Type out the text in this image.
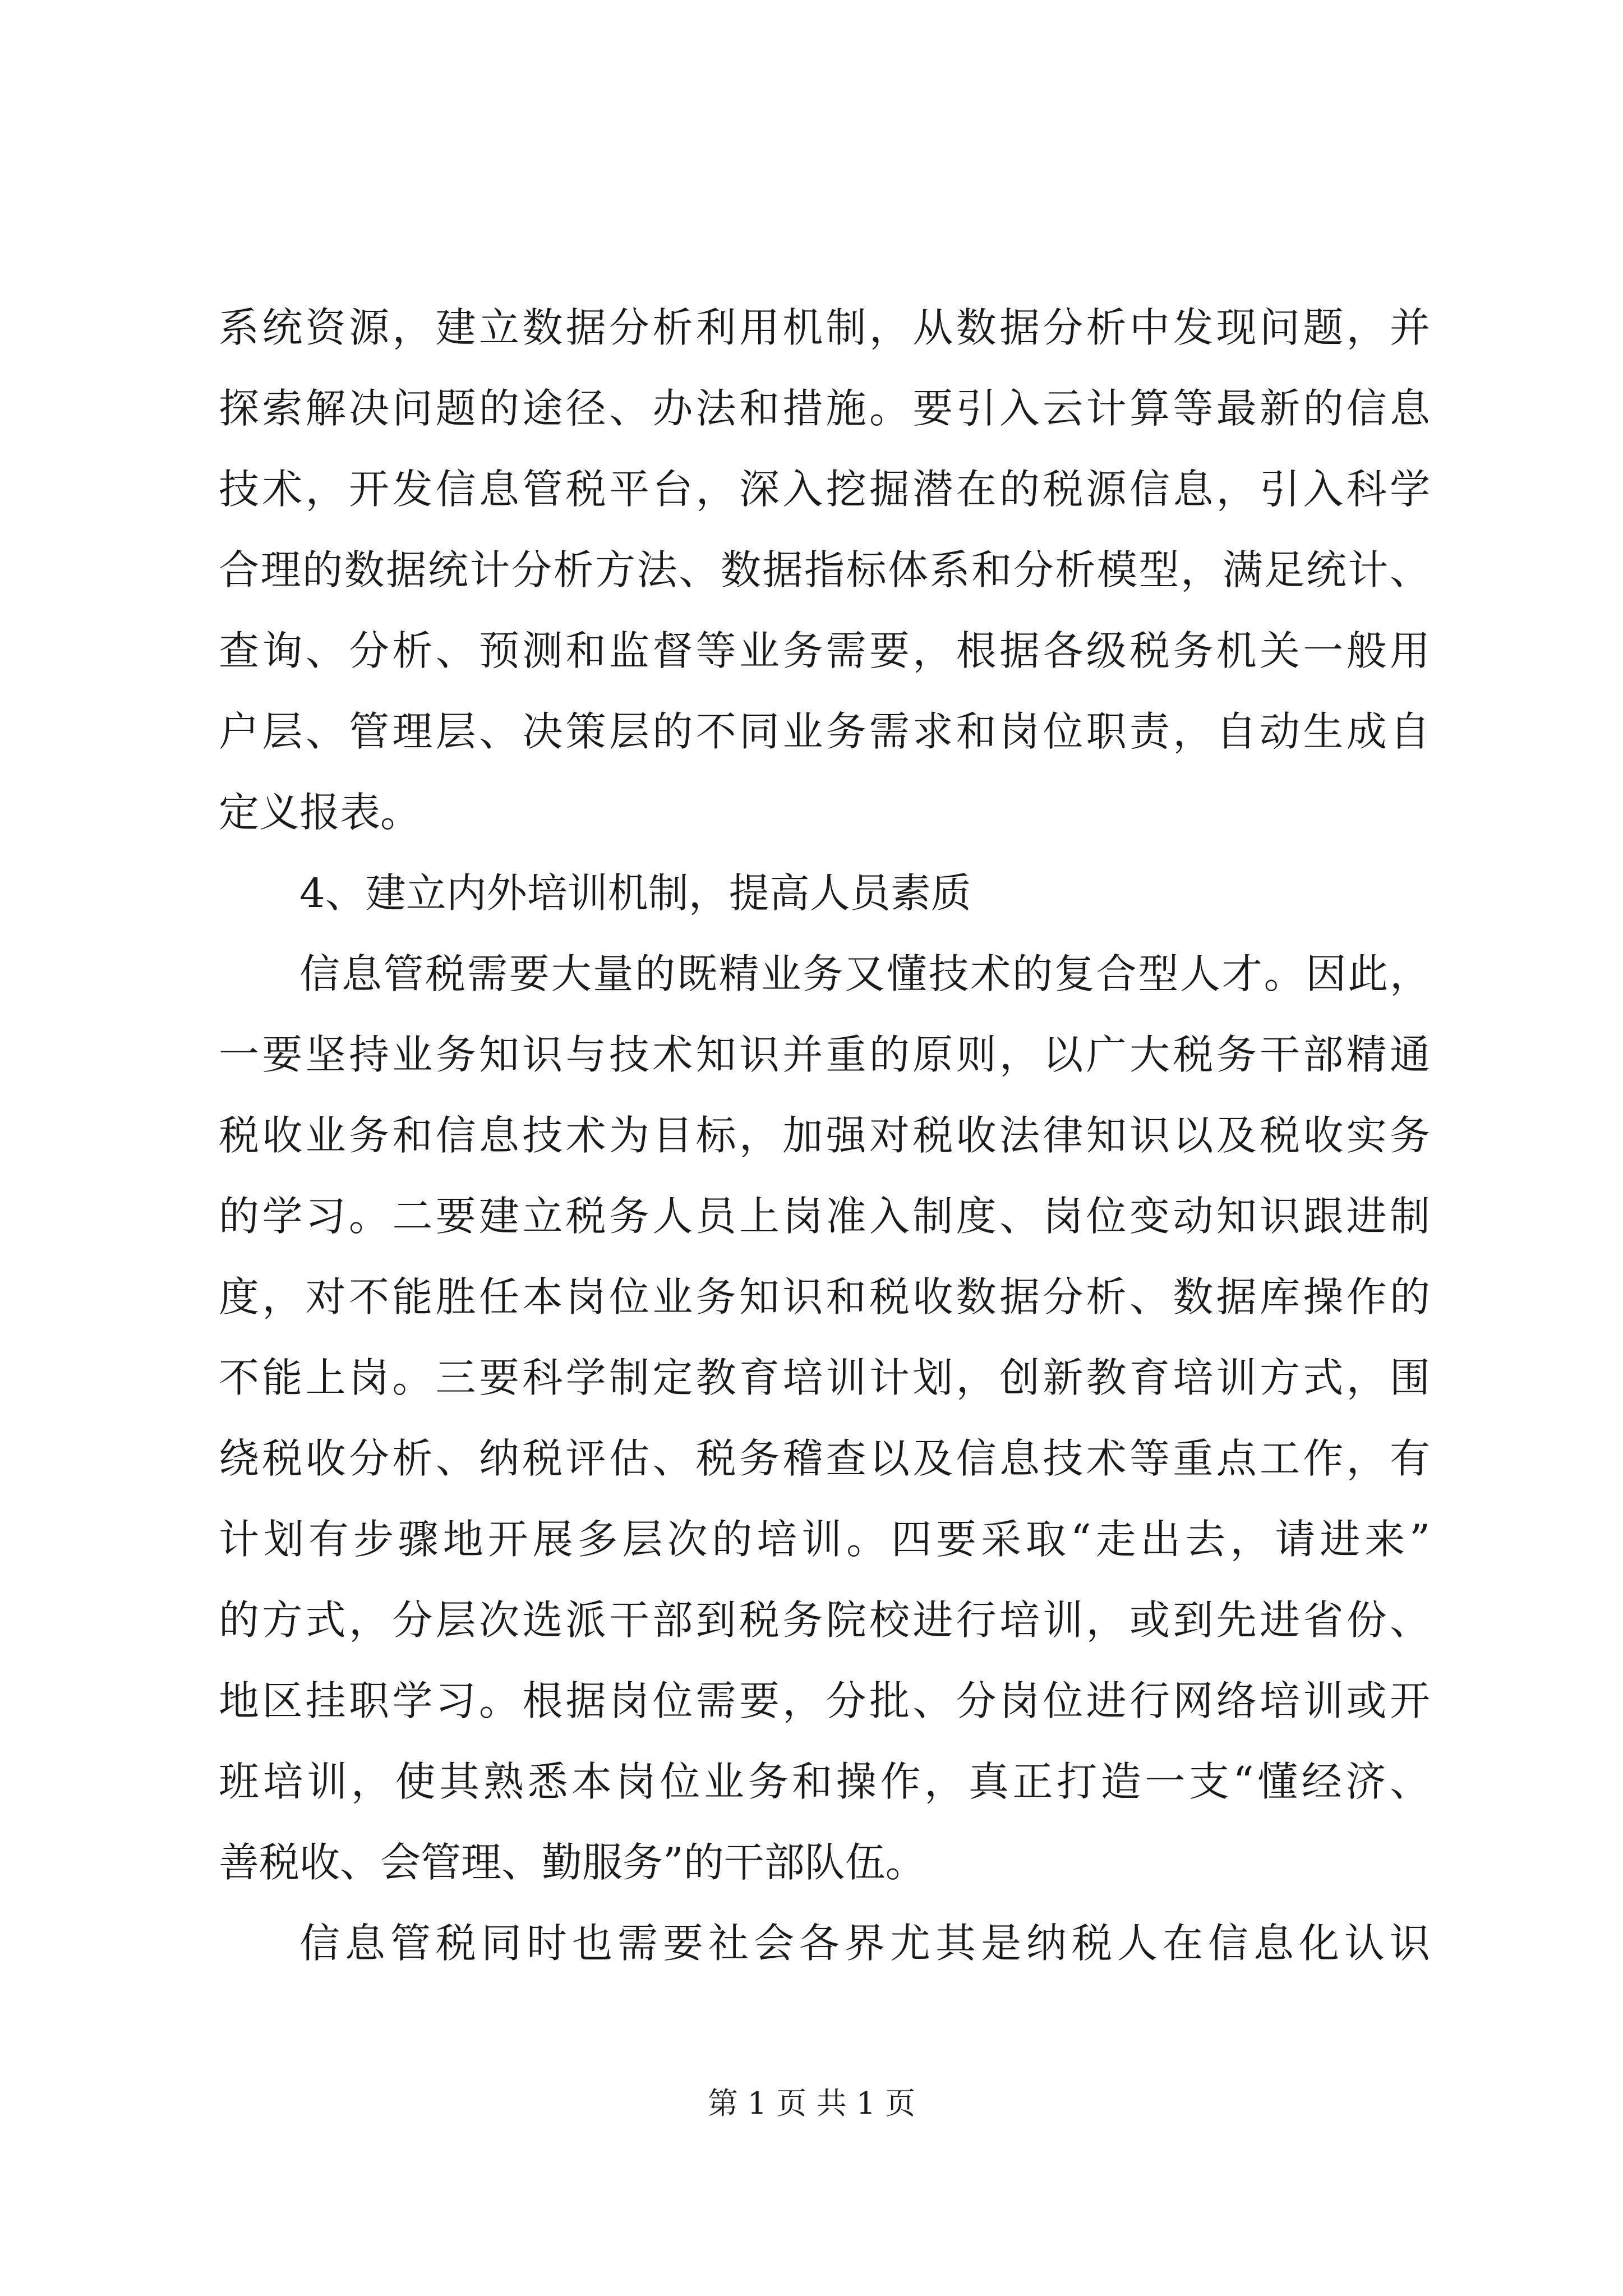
系统资源，建立数据分析利用机制，从数据分析中发现问题，并
探索解决问题的途径、办法和措施。要引入云计算等最新的信息
技术，开发信息管税平台，深入挖掘潜在的税源信息，引入科学
合理的数据统计分析方法、数据指标体系和分析模型，满足统计、
查询、分析、预测和监督等业务需要，根据各级税务机关一般用
户层、管理层、决策层的不同业务需求和岗位职责，自动生成自
定义报表。
4、建立内外培训机制，提高人员素质
信息管税需要大量的既精业务又懂技术的复合型人才。因此，
一要坚持业务知识与技术知识并重的原则，以广大税务干部精通
税收业务和信息技术为目标，加强对税收法律知识以及税收实务
的学习。二要建立税务人员上岗准入制度、岗位变动知识跟进制
度，对不能胜任本岗位业务知识和税收数据分析、数据库操作的
不能上岗。三要科学制定教育培训计划，创新教育培训方式，围
绕税收分析、纳税评估、税务稽查以及信息技术等重点工作，有
计划有步骤地开展多层次的培训。四要采取“走出去，请进来”
的方式，分层次选派干部到税务院校进行培训，或到先进省份、
地区挂职学习。根据岗位需要，分批、分岗位进行网络培训或开
班培训，使其熟悉本岗位业务和操作，真正打造一支“懂经济、
善税收、会管理、勤服务”的干部队伍。
信息管税同时也需要社会各界尤其是纳税人在信息化认识
第 1 页 共 1 页
